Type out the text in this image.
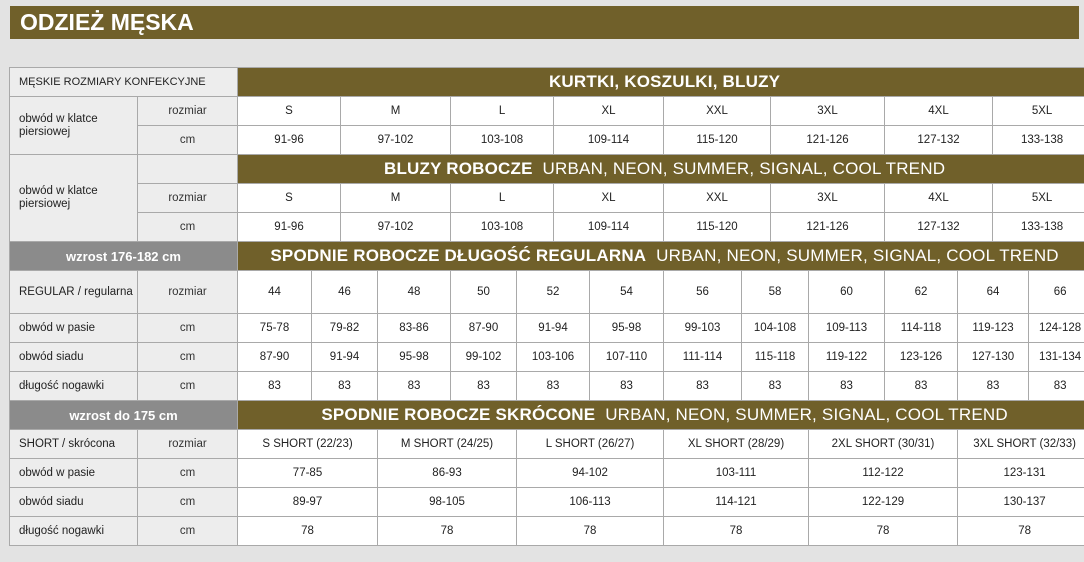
ODZIEŻ MĘSKA
MĘSKIE ROZMIARY KONFEKCYJNE		KURTKI, KOSZULKI, BLUZY															
obwód w klatce piersiowej	rozmiar	S		M		L		XL		XXL		3XL		4XL		5XL	
	cm	91-96		97-102		103-108		109-114		115-120		121-126		127-132		133-138	
obwód w klatce piersiowej		BLUZY ROBOCZE URBAN, NEON, SUMMER, SIGNAL, COOL TREND															
	rozmiar	S		M		L		XL		XXL		3XL		4XL		5XL	
	cm	91-96		97-102		103-108		109-114		115-120		121-126		127-132		133-138	
wzrost 176-182 cm		SPODNIE ROBOCZE DŁUGOŚĆ REGULARNA URBAN, NEON, SUMMER, SIGNAL, COOL TREND															
REGULAR / regularna	rozmiar	44	46		48	50	52		54	56	58		60	62	64		66
obwód w pasie	cm	75-78	79-82		83-86	87-90	91-94		95-98	99-103	104-108		109-113	114-118	119-123		124-128
obwód siadu	cm	87-90	91-94		95-98	99-102	103-106		107-110	111-114	115-118		119-122	123-126	127-130		131-134
długość nogawki	cm	83	83		83	83	83		83	83	83		83	83	83		83
wzrost do 175 cm		SPODNIE ROBOCZE SKRÓCONE URBAN, NEON, SUMMER, SIGNAL, COOL TREND															
SHORT / skrócona	rozmiar	S SHORT (22/23)			M SHORT (24/25)		L SHORT (26/27)			XL SHORT (28/29)			2XL SHORT (30/31)		3XL SHORT (32/33)		
obwód w pasie	cm	77-85			86-93		94-102			103-111			112-122		123-131		
obwód siadu	cm	89-97			98-105		106-113			114-121			122-129		130-137		
długość nogawki	cm	78			78		78			78			78		78		
